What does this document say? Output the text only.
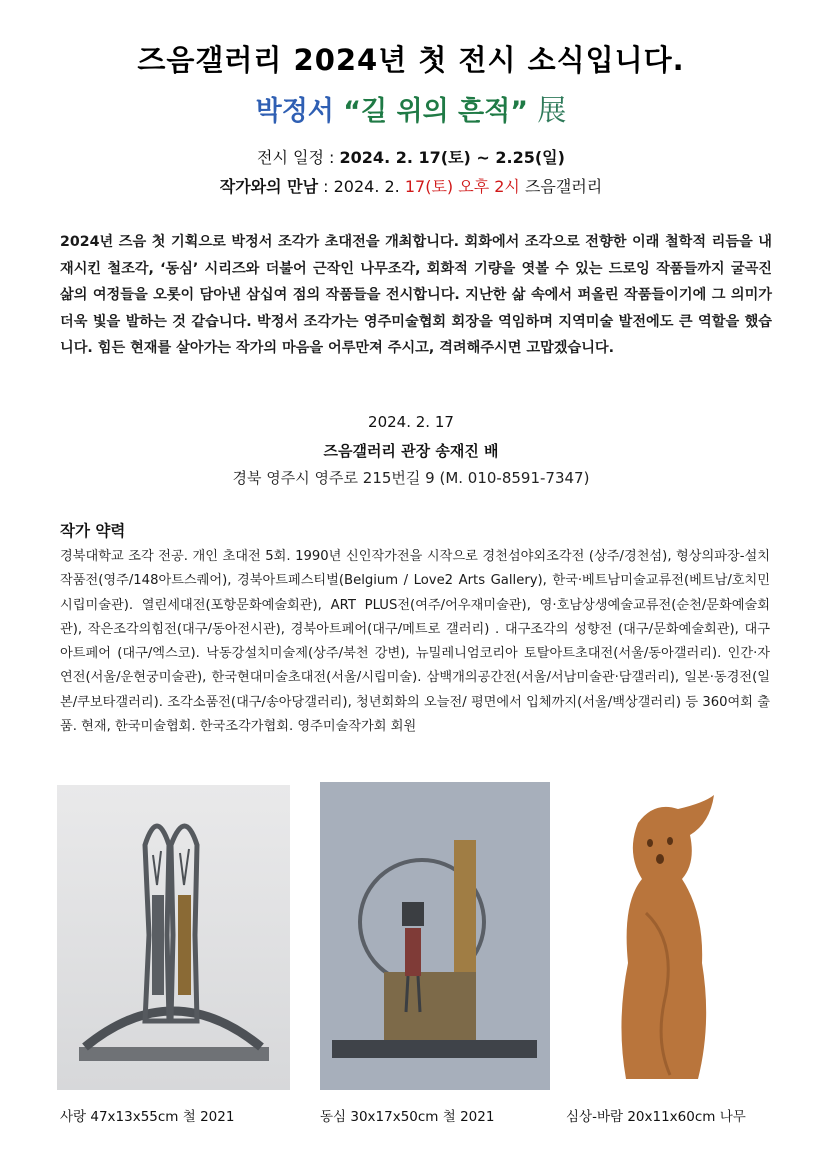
즈음갤러리 2024년 첫 전시 소식입니다.
박정서 “길 위의 흔적” 展
전시 일정 : 2024. 2. 17(토) ~ 2.25(일)
작가와의 만남 : 2024. 2. 17(토) 오후 2시 즈음갤러리
2024년 즈음 첫 기획으로 박정서 조각가 초대전을 개최합니다. 회화에서 조각으로 전향한 이래 철학적 리듬을 내재시킨 철조각, ‘동심’ 시리즈와 더불어 근작인 나무조각, 회화적 기량을 엿볼 수 있는 드로잉 작품들까지 굴곡진 삶의 여정들을 오롯이 담아낸 삼십여 점의 작품들을 전시합니다. 지난한 삶 속에서 퍼올린 작품들이기에 그 의미가 더욱 빛을 발하는 것 같습니다. 박정서 조각가는 영주미술협회 회장을 역임하며 지역미술 발전에도 큰 역할을 했습니다. 힘든 현재를 살아가는 작가의 마음을 어루만져 주시고, 격려해주시면 고맙겠습니다.
2024. 2. 17
즈음갤러리 관장 송재진 배
경북 영주시 영주로 215번길 9 (M. 010-8591-7347)
작가 약력
경북대학교 조각 전공. 개인 초대전 5회. 1990년 신인작가전을 시작으로 경천섬야외조각전 (상주/경천섬), 형상의파장-설치작품전(영주/148아트스퀘어), 경북아트페스티벌(Belgium / Love2 Arts Gallery), 한국·베트남미술교류전(베트남/호치민시립미술관). 열린세대전(포항문화예술회관), ART PLUS전(여주/어우재미술관), 영·호남상생예술교류전(순천/문화예술회관), 작은조각의힘전(대구/동아전시관), 경북아트페어(대구/메트로 갤러리) . 대구조각의 성향전 (대구/문화예술회관), 대구아트페어 (대구/엑스코). 낙동강설치미술제(상주/북천 강변), 뉴밀레니엄코리아 토탈아트초대전(서울/동아갤러리). 인간·자연전(서울/운현궁미술관), 한국현대미술초대전(서울/시립미술). 삼백개의공간전(서울/서남미술관·담갤러리), 일본·동경전(일본/쿠보타갤러리). 조각소품전(대구/송아당갤러리), 청년회화의 오늘전/ 평면에서 입체까지(서울/백상갤러리) 등 360여회 출품. 현재, 한국미술협회. 한국조각가협회. 영주미술작가회 회원
사랑 47x13x55cm 철 2021	동심 30x17x50cm 철 2021	심상-바람 20x11x60cm 나무
